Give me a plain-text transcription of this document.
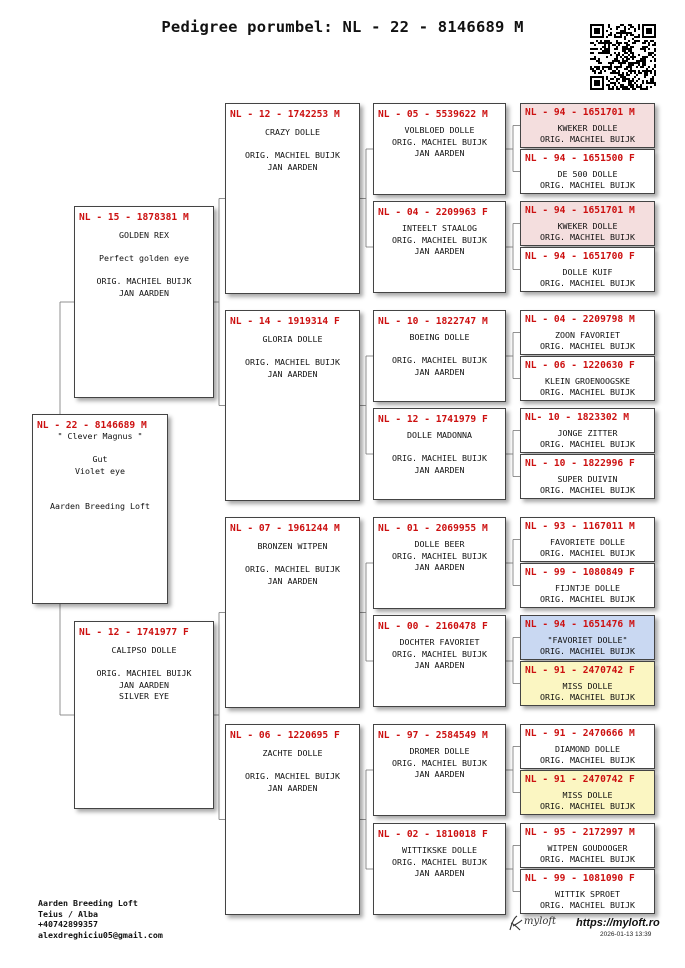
Pedigree porumbel: NL - 22 - 8146689 M
NL - 22 - 8146689 M
" Clever Magnus "
Gut
Violet eye
Aarden Breeding Loft
NL - 15 - 1878381 M
GOLDEN REX
Perfect golden eye
ORIG. MACHIEL BUIJK
JAN AARDEN
NL - 12 - 1741977 F
CALIPSO DOLLE
ORIG. MACHIEL BUIJK
JAN AARDEN
SILVER EYE
NL - 12 - 1742253 M
CRAZY DOLLE
ORIG. MACHIEL BUIJK
JAN AARDEN
NL - 14 - 1919314 F
GLORIA DOLLE
ORIG. MACHIEL BUIJK
JAN AARDEN
NL - 07 - 1961244 M
BRONZEN WITPEN
ORIG. MACHIEL BUIJK
JAN AARDEN
NL - 06 - 1220695 F
ZACHTE DOLLE
ORIG. MACHIEL BUIJK
JAN AARDEN
NL - 05 - 5539622 M
VOLBLOED DOLLE
ORIG. MACHIEL BUIJK
JAN AARDEN
NL - 04 - 2209963 F
INTEELT STAALOG
ORIG. MACHIEL BUIJK
JAN AARDEN
NL - 10 - 1822747 M
BOEING DOLLE
ORIG. MACHIEL BUIJK
JAN AARDEN
NL - 12 - 1741979 F
DOLLE MADONNA
ORIG. MACHIEL BUIJK
JAN AARDEN
NL - 01 - 2069955 M
DOLLE BEER
ORIG. MACHIEL BUIJK
JAN AARDEN
NL - 00 - 2160478 F
DOCHTER FAVORIET
ORIG. MACHIEL BUIJK
JAN AARDEN
NL - 97 - 2584549 M
DROMER DOLLE
ORIG. MACHIEL BUIJK
JAN AARDEN
NL - 02 - 1810018 F
WITTIKSKE DOLLE
ORIG. MACHIEL BUIJK
JAN AARDEN
NL - 94 - 1651701 M
KWEKER DOLLE
ORIG. MACHIEL BUIJK
NL - 94 - 1651500 F
DE 500 DOLLE
ORIG. MACHIEL BUIJK
NL - 94 - 1651701 M
KWEKER DOLLE
ORIG. MACHIEL BUIJK
NL - 94 - 1651700 F
DOLLE KUIF
ORIG. MACHIEL BUIJK
NL - 04 - 2209798 M
ZOON FAVORIET
ORIG. MACHIEL BUIJK
NL - 06 - 1220630 F
KLEIN GROENOOGSKE
ORIG. MACHIEL BUIJK
NL- 10 - 1823302 M
JONGE ZITTER
ORIG. MACHIEL BUIJK
NL - 10 - 1822996 F
SUPER DUIVIN
ORIG. MACHIEL BUIJK
NL - 93 - 1167011 M
FAVORIETE DOLLE
ORIG. MACHIEL BUIJK
NL - 99 - 1080849 F
FIJNTJE DOLLE
ORIG. MACHIEL BUIJK
NL - 94 - 1651476 M
"FAVORIET DOLLE"
ORIG. MACHIEL BUIJK
NL - 91 - 2470742 F
MISS DOLLE
ORIG. MACHIEL BUIJK
NL - 91 - 2470666 M
DIAMOND DOLLE
ORIG. MACHIEL BUIJK
NL - 91 - 2470742 F
MISS DOLLE
ORIG. MACHIEL BUIJK
NL - 95 - 2172997 M
WITPEN GOUDOOGER
ORIG. MACHIEL BUIJK
NL - 99 - 1081090 F
WITTIK SPROET
ORIG. MACHIEL BUIJK
Aarden Breeding Loft
Teius / Alba
+40742899357
alexdreghiciu05@gmail.com
myloft https://myloft.ro
2026-01-13 13:39
